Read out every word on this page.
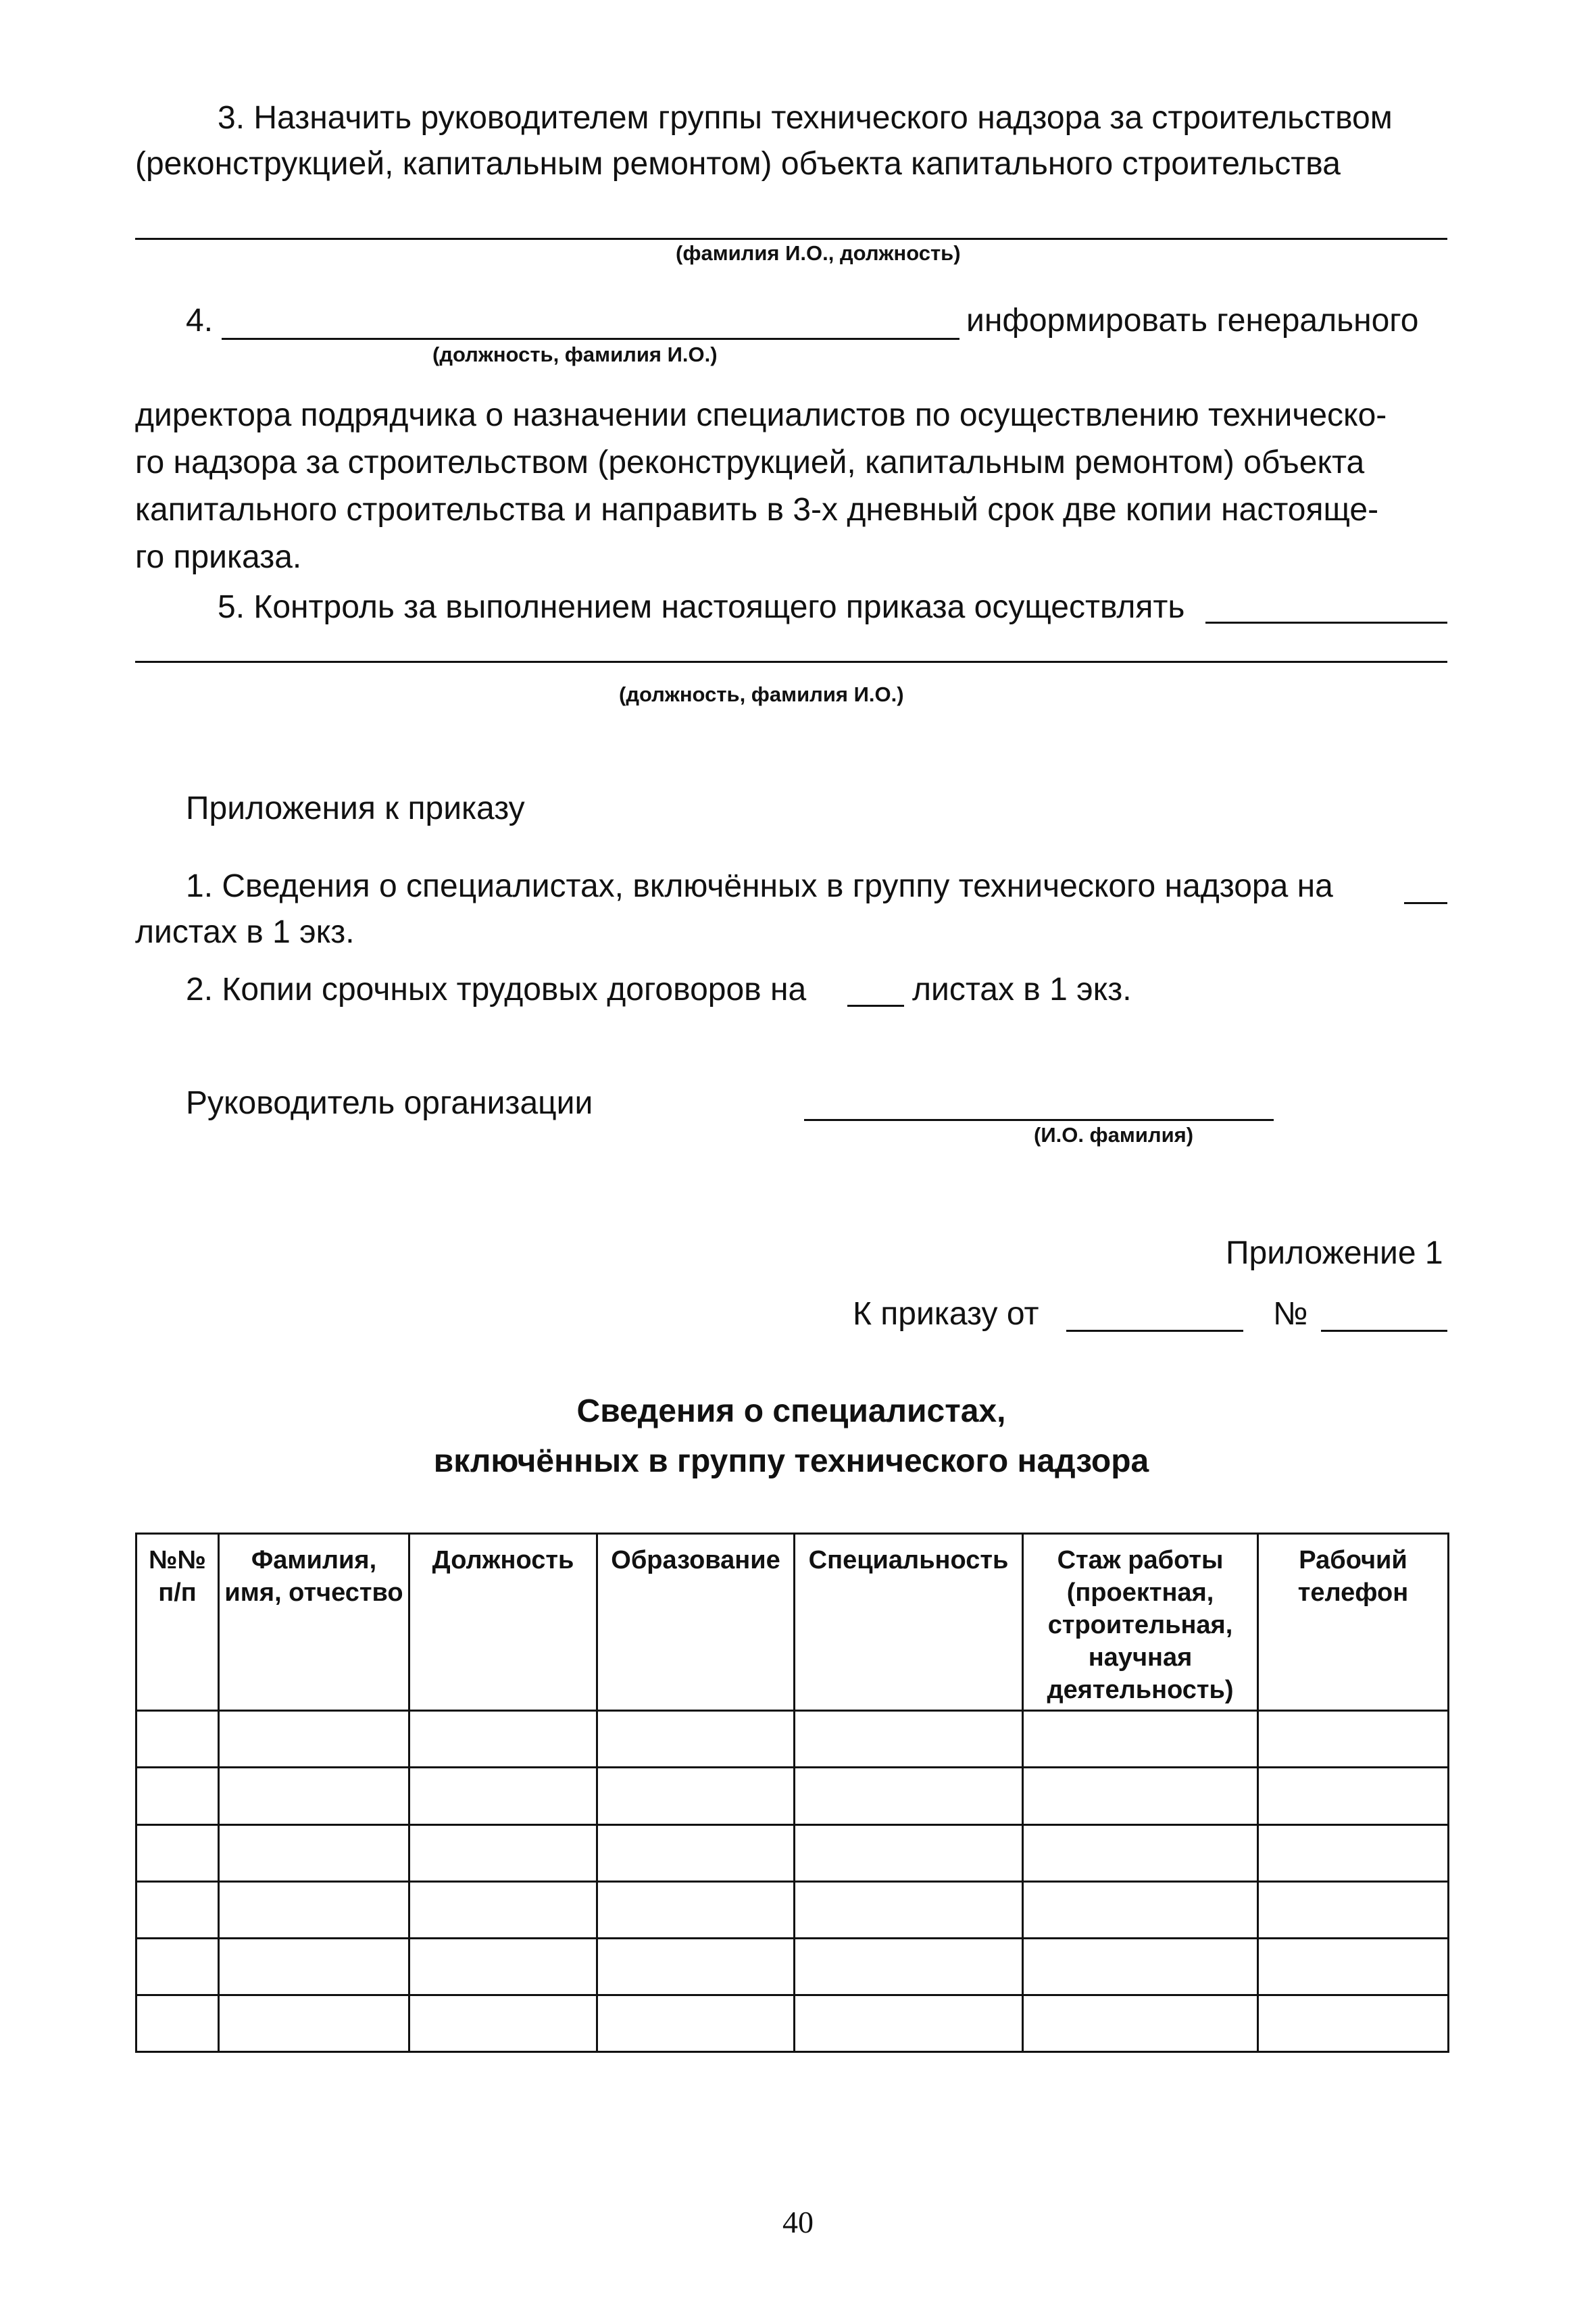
3. Назначить руководителем группы технического надзора за строительством
(реконструкцией, капитальным ремонтом) объекта капитального строительства
(фамилия И.О., должность)
4.	информировать генерального
(должность, фамилия И.О.)
директора подрядчика о назначении специалистов по осуществлению техническо-
го надзора за строительством (реконструкцией, капитальным ремонтом) объекта
капитального строительства и направить в 3-х дневный срок две копии настояще-
го приказа.
5. Контроль за выполнением настоящего приказа осуществлять
(должность, фамилия И.О.)
Приложения к приказу
1. Сведения о специалистах, включённых в группу технического надзора на
листах в 1 экз.
2. Копии срочных трудовых договоров на	листах в 1 экз.
Руководитель организации
(И.О. фамилия)
Приложение 1
К приказу от	№
Сведения о специалистах,
включённых в группу технического надзора
№№ п/п	Фамилия, имя, отчество	Должность	Образование	Специальность	Стаж работы (проектная, строительная, научная деятельность)	Рабочий телефон

40
